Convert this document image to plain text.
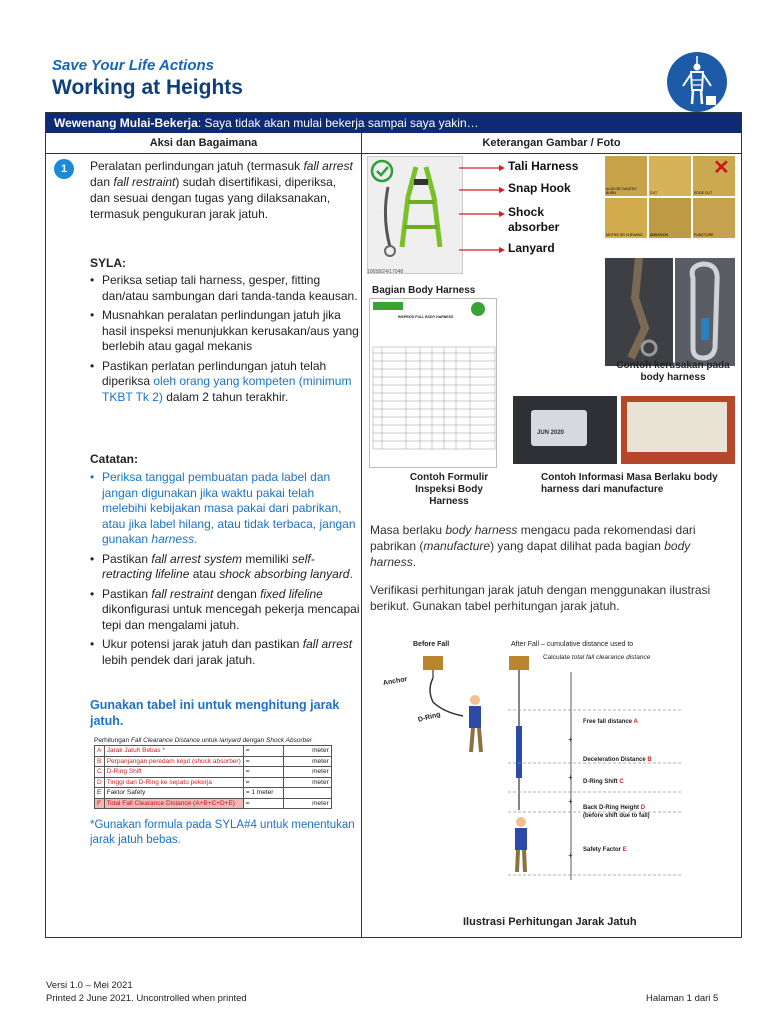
Save Your Life Actions
Working at Heights
Wewenang Mulai-Bekerja: Saya tidak akan mulai bekerja sampai saya yakin…
Aksi dan Bagaimana	Keterangan Gambar / Foto
1	Peralatan perlindungan jatuh (termasuk fall arrest dan fall restraint) sudah disertifikasi, diperiksa, dan sesuai dengan tugas yang dilaksanakan, termasuk pengukuran jarak jatuh.
SYLA:
• Periksa setiap tali harness, gesper, fitting dan/atau sambungan dari tanda-tanda keausan.
• Musnahkan peralatan perlindungan jatuh jika hasil inspeksi menunjukkan kerusakan/aus yang berlebih atau gagal mekanis
• Pastikan perlatan perlindungan jatuh telah diperiksa oleh orang yang kompeten (minimum TKBT Tk 2) dalam 2 tahun terakhir.
Catatan:
• Periksa tanggal pembuatan pada label dan jangan digunakan jika waktu pakai telah melebihi kebijakan masa pakai dari pabrikan, atau jika label hilang, atau tidak terbaca, jangan gunakan harness.
• Pastikan fall arrest system memiliki self-retracting lifeline atau shock absorbing lanyard.
• Pastikan fall restraint dengan fixed lifeline dikonfigurasi untuk mencegah pekerja mencapai tepi dan mengalami jatuh.
• Ukur potensi jarak jatuh dan pastikan fall arrest lebih pendek dari jarak jatuh.
Gunakan tabel ini untuk menghitung jarak jatuh.
Perhitungan Fall Clearance Distance untuk lanyard dengan Shock Absorber
A	Jarak Jatuh Bebas *	=	meter
B	Perpanjangan peredam kejut (shock absorber)	=	meter
C	D-Ring Shift	=	meter
D	Tinggi dari D-Ring ke sepatu pekerja	=	meter
E	Faktor Safety	= 1 meter	
F	Total Fall Clearance Distance (A+B+C+D+E)	=	meter
*Gunakan formula pada SYLA#4 untuk menentukan jarak jatuh bebas.
10658/24/17048
Tali Harness
Snap Hook
Shock
absorber
Lanyard
Bagian Body Harness
ACID OR CAUSTIC BURN	CUT	EDGE CUT
MOTHS OR CHEWING ABRASION	PUNCTURE
✕
Contoh kerusakan pada body harness
INSPEKSI FULL BODY HARNESS
Contoh Formulir Inspeksi Body Harness
JUN 2020
Contoh Informasi Masa Berlaku body harness dari manufacture
Masa berlaku body harness mengacu pada rekomendasi dari pabrikan (manufacture) yang dapat dilihat pada bagian body harness.
Verifikasi perhitungan jarak jatuh dengan menggunakan ilustrasi berikut. Gunakan tabel perhitungan jarak jatuh.
+
+
+
+
Before Fall	After Fall – cumulative distance used to
Calculate total fall clearance distance
Anchor
D-Ring	Free fall distance A
Deceleration Distance B
D-Ring Shift C
Back D-Ring Height D
(before shift due to fall)
Safety Factor E
Ilustrasi Perhitungan Jarak Jatuh
Versi 1.0 – Mei 2021
Printed 2 June 2021. Uncontrolled when printed	Halaman 1 dari 5
